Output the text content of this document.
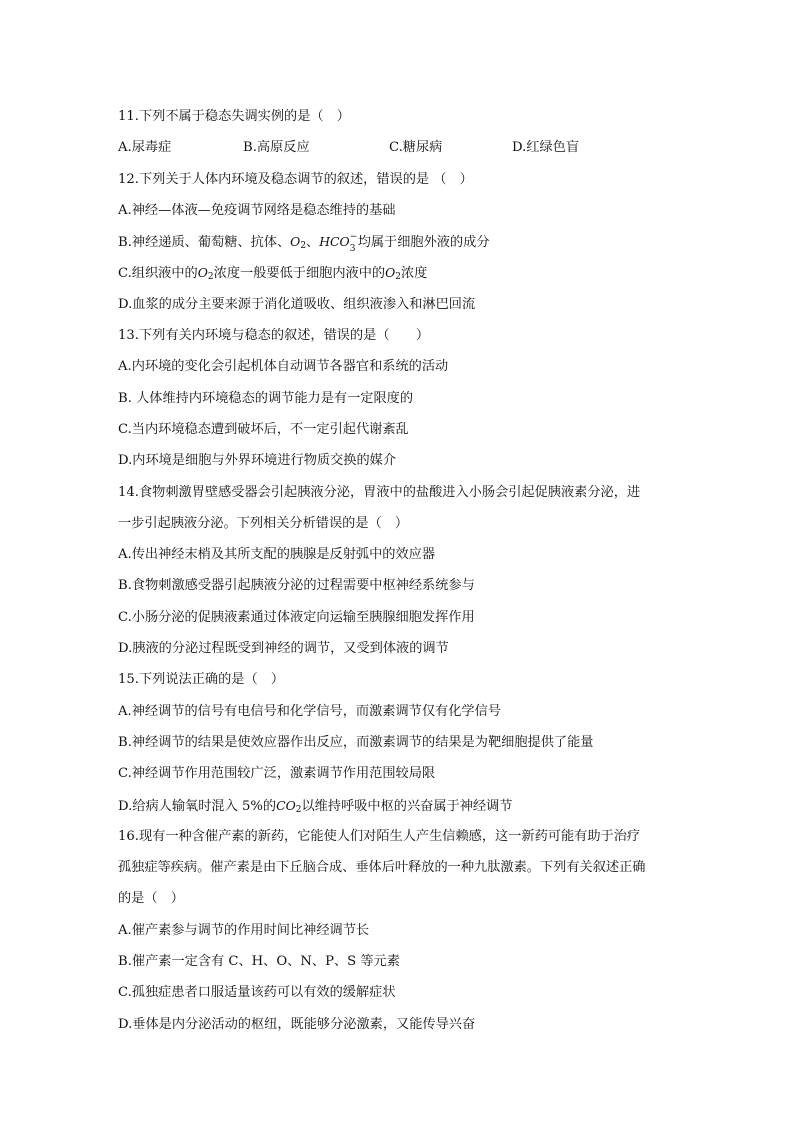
11.下列不属于稳态失调实例的是（　）
A.尿毒症	B.高原反应	C.糖尿病	D.红绿色盲
12.下列关于人体内环境及稳态调节的叙述，错误的是 （　）
A.神经—体液—免疫调节网络是稳态维持的基础
B.神经递质、葡萄糖、抗体、$O_2$、HCO −
3 均属于细胞外液的成分
C.组织液中的$O_2$浓度一般要低于细胞内液中的$O_2$浓度
D.血浆的成分主要来源于消化道吸收、组织液渗入和淋巴回流
13.下列有关内环境与稳态的叙述，错误的是（　　）
A.内环境的变化会引起机体自动调节各器官和系统的活动
B. 人体维持内环境稳态的调节能力是有一定限度的
C.当内环境稳态遭到破坏后，不一定引起代谢紊乱
D.内环境是细胞与外界环境进行物质交换的媒介
14.食物刺激胃壁感受器会引起胰液分泌，胃液中的盐酸进入小肠会引起促胰液素分泌，进
一步引起胰液分泌。下列相关分析错误的是（　）
A.传出神经末梢及其所支配的胰腺是反射弧中的效应器
B.食物刺激感受器引起胰液分泌的过程需要中枢神经系统参与
C.小肠分泌的促胰液素通过体液定向运输至胰腺细胞发挥作用
D.胰液的分泌过程既受到神经的调节，又受到体液的调节
15.下列说法正确的是（　）
A.神经调节的信号有电信号和化学信号，而激素调节仅有化学信号
B.神经调节的结果是使效应器作出反应，而激素调节的结果是为靶细胞提供了能量
C.神经调节作用范围较广泛，激素调节作用范围较局限
D.给病人输氧时混入 5%的$CO_2$以维持呼吸中枢的兴奋属于神经调节
16.现有一种含催产素的新药，它能使人们对陌生人产生信赖感，这一新药可能有助于治疗
孤独症等疾病。催产素是由下丘脑合成、垂体后叶释放的一种九肽激素。下列有关叙述正确
的是（　）
A.催产素参与调节的作用时间比神经调节长
B.催产素一定含有 C、H、O、N、P、S 等元素
C.孤独症患者口服适量该药可以有效的缓解症状
D.垂体是内分泌活动的枢纽，既能够分泌激素，又能传导兴奋
